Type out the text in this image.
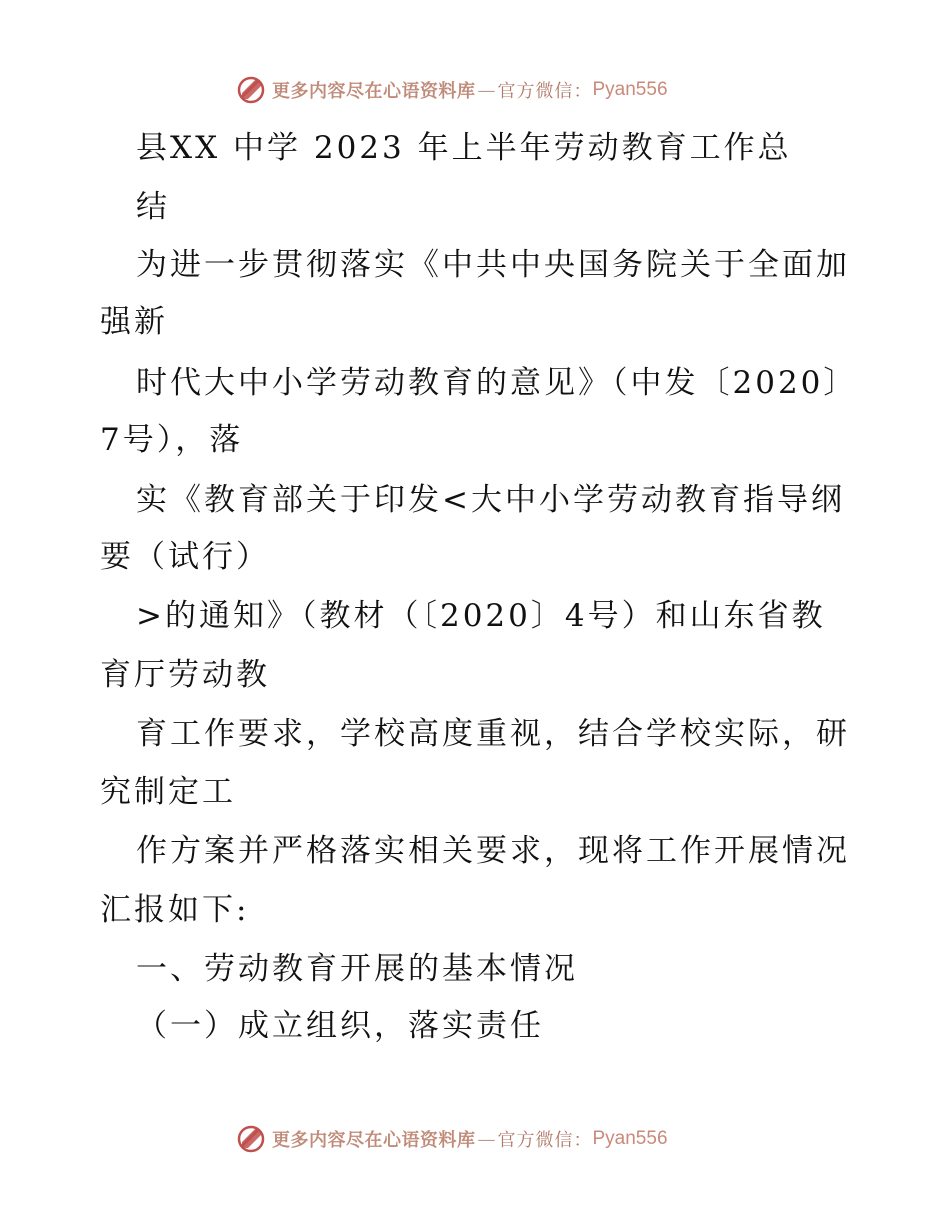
更多内容尽在心语资料库 — 官方微信： Pyan556
县XX 中学 2023 年上半年劳动教育工作总
结
为进一步贯彻落实《中共中央国务院关于全面加
强新
时代大中小学劳动教育的意见》（中发〔2020〕
7号），落
实《教育部关于印发<大中小学劳动教育指导纲
要（试行）
>的通知》（教材（〔2020〕4号）和山东省教
育厅劳动教
育工作要求，学校高度重视，结合学校实际，研
究制定工
作方案并严格落实相关要求，现将工作开展情况
汇报如下:
一、劳动教育开展的基本情况
（一）成立组织，落实责任
更多内容尽在心语资料库 — 官方微信： Pyan556
